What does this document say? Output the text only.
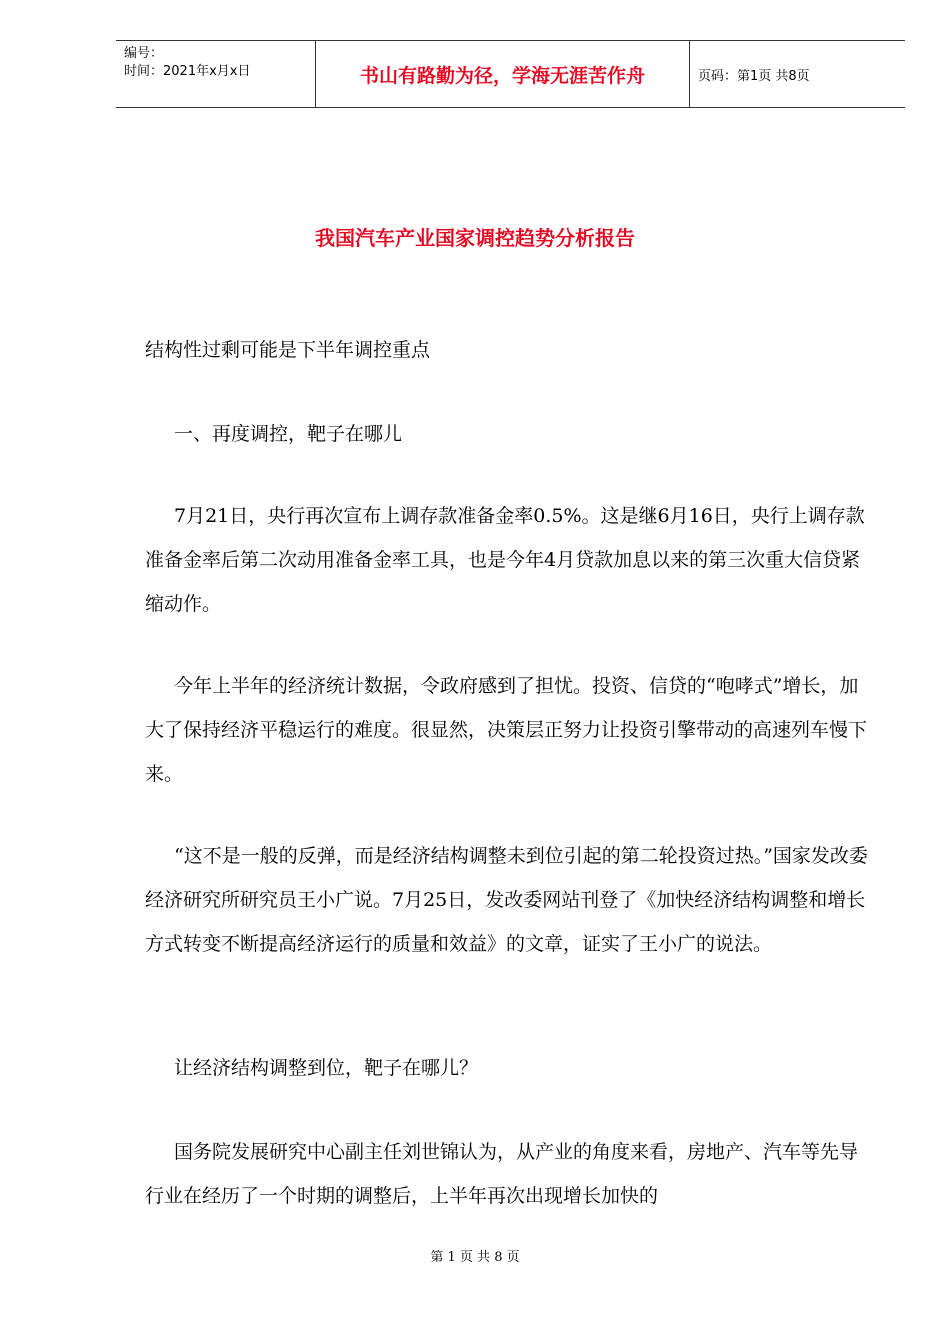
编号：
时间：2021年x月x日	书山有路勤为径，学海无涯苦作舟	页码：第1页 共8页
我国汽车产业国家调控趋势分析报告

结构性过剩可能是下半年调控重点

一、再度调控，靶子在哪儿

7月21日，央行再次宣布上调存款准备金率0.5%。这是继6月16日，央行上调存款准备金率后第二次动用准备金率工具，也是今年4月贷款加息以来的第三次重大信贷紧缩动作。

今年上半年的经济统计数据，令政府感到了担忧。投资、信贷的“咆哮式”增长，加大了保持经济平稳运行的难度。很显然，决策层正努力让投资引擎带动的高速列车慢下来。

“这不是一般的反弹，而是经济结构调整未到位引起的第二轮投资过热。”国家发改委经济研究所研究员王小广说。7月25日，发改委网站刊登了《加快经济结构调整和增长方式转变不断提高经济运行的质量和效益》的文章，证实了王小广的说法。

让经济结构调整到位，靶子在哪儿？

国务院发展研究中心副主任刘世锦认为，从产业的角度来看，房地产、汽车等先导行业在经历了一个时期的调整后，上半年再次出现增长加快的

第 1 页 共 8 页
